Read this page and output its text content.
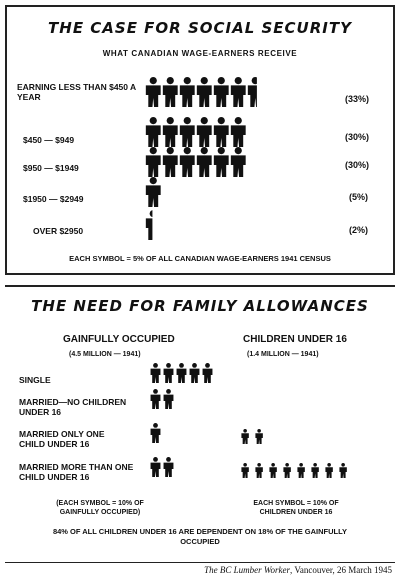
THE CASE FOR SOCIAL SECURITY
WHAT CANADIAN WAGE-EARNERS RECEIVE
EARNING LESS THAN $450 A YEAR
$450 — $949
$950 — $1949
$1950 — $2949
OVER $2950
(33%)
(30%)
(30%)
(5%)
(2%)
EACH SYMBOL = 5% OF ALL CANADIAN WAGE-EARNERS 1941 CENSUS
THE NEED FOR FAMILY ALLOWANCES
GAINFULLY OCCUPIED
(4.5 MILLION — 1941)
CHILDREN UNDER 16
(1.4 MILLION — 1941)
SINGLE
MARRIED—NO CHILDREN UNDER 16
MARRIED ONLY ONE CHILD UNDER 16
MARRIED MORE THAN ONE CHILD UNDER 16
(EACH SYMBOL = 10% OF GAINFULLY OCCUPIED)
EACH SYMBOL = 10% OF CHILDREN UNDER 16
84% OF ALL CHILDREN UNDER 16 ARE DEPENDENT ON 18% OF THE GAINFULLY OCCUPIED
The BC Lumber Worker, Vancouver, 26 March 1945
